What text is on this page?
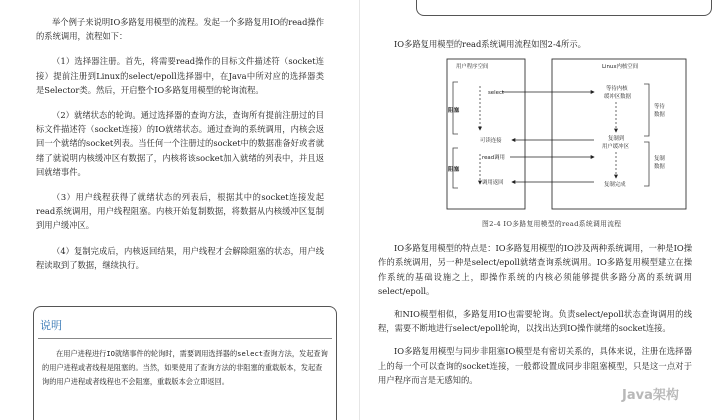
举个例子来说明IO多路复用模型的流程。发起一个多路复用IO的read操作的系统调用，流程如下：

（1）选择器注册。首先，将需要read操作的目标文件描述符（socket连接）提前注册到Linux的select/epoll选择器中，在Java中所对应的选择器类是Selector类。然后，开启整个IO多路复用模型的轮询流程。

（2）就绪状态的轮询。通过选择器的查询方法，查询所有提前注册过的目标文件描述符（socket连接）的IO就绪状态。通过查询的系统调用，内核会返回一个就绪的socket列表。当任何一个注册过的socket中的数据准备好或者就绪了就说明内核缓冲区有数据了，内核将该socket加入就绪的列表中，并且返回就绪事件。

（3）用户线程获得了就绪状态的列表后，根据其中的socket连接发起read系统调用，用户线程阻塞。内核开始复制数据，将数据从内核缓冲区复制到用户缓冲区。

（4）复制完成后，内核返回结果，用户线程才会解除阻塞的状态，用户线程读取到了数据，继续执行。

说明

在用户进程进行IO就绪事件的轮询时，需要调用选择器的select查询方法，发起查询的用户进程或者线程是阻塞的。当然，如果使用了查询方法的非阻塞的重载版本，发起查询的用户进程或者线程也不会阻塞，重载版本会立即返回。

IO多路复用模型的read系统调用流程如图2-4所示。

IO多路复用模型的特点是：IO多路复用模型的IO涉及两种系统调用，一种是IO操作的系统调用，另一种是select/epoll就绪查询系统调用。IO多路复用模型建立在操作系统的基础设施之上，即操作系统的内核必须能够提供多路分离的系统调用select/epoll。

和NIO模型相似，多路复用IO也需要轮询。负责select/epoll状态查询调用的线程，需要不断地进行select/epoll轮询，以找出达到IO操作就绪的socket连接。

IO多路复用模型与同步非阻塞IO模型是有密切关系的，具体来说，注册在选择器上的每一个可以查询的socket连接，一般都设置成同步非阻塞模型，只是这一点对于用户程序而言是无感知的。

用户程序空间	Linux内核空间
阻塞
阻塞
select
可读连接
read调用
调用返回
等待内核
缓冲区数据
复制到
用户缓冲区
复制完成
等待
数据
复制
数据
图2-4 IO多路复用模型的read系统调用流程
Java架构
